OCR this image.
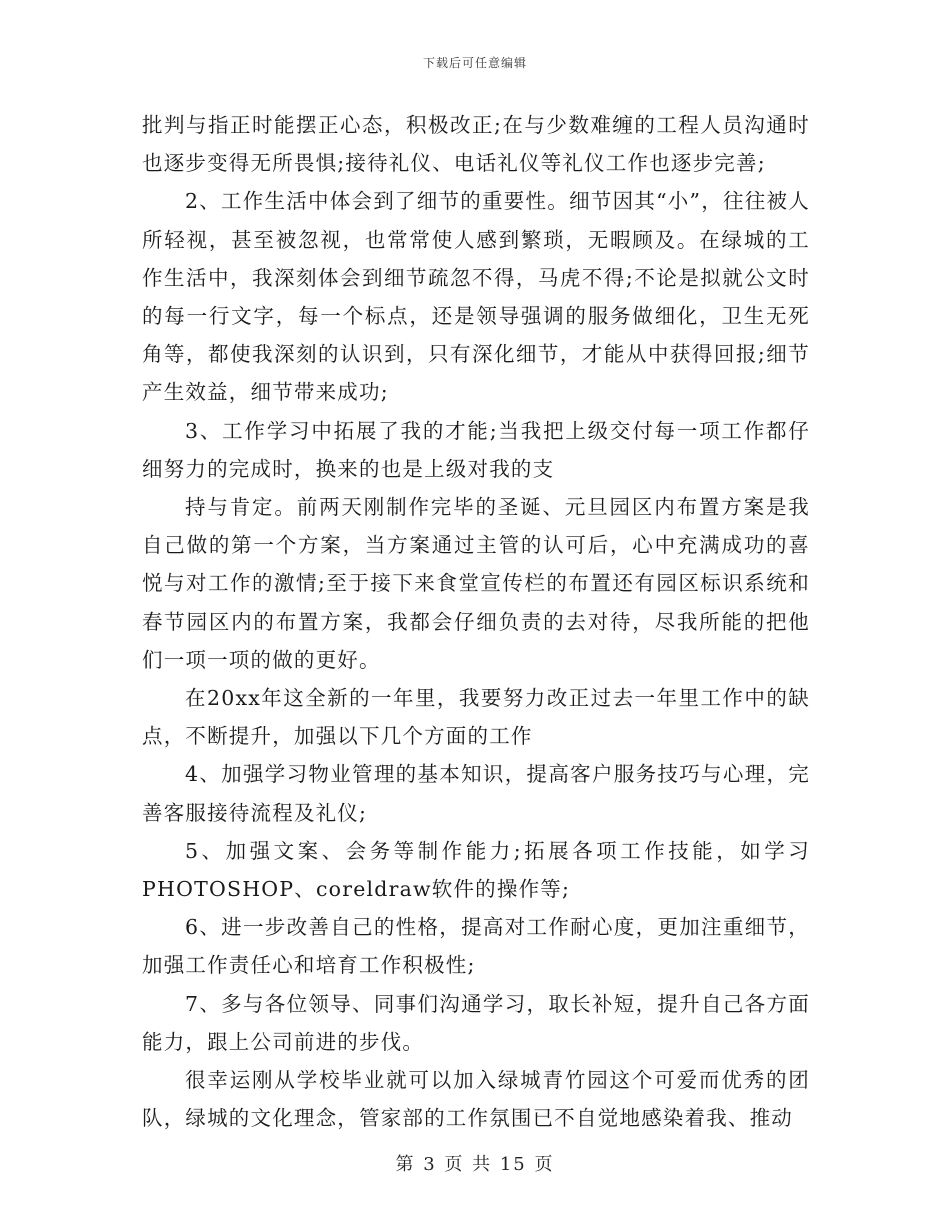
下载后可任意编辑

批判与指正时能摆正心态，积极改正;在与少数难缠的工程人员沟通时也逐步变得无所畏惧;接待礼仪、电话礼仪等礼仪工作也逐步完善;

2、工作生活中体会到了细节的重要性。细节因其“小”，往往被人所轻视，甚至被忽视，也常常使人感到繁琐，无暇顾及。在绿城的工作生活中，我深刻体会到细节疏忽不得，马虎不得;不论是拟就公文时的每一行文字，每一个标点，还是领导强调的服务做细化，卫生无死角等，都使我深刻的认识到，只有深化细节，才能从中获得回报;细节产生效益，细节带来成功;

3、工作学习中拓展了我的才能;当我把上级交付每一项工作都仔细努力的完成时，换来的也是上级对我的支

持与肯定。前两天刚制作完毕的圣诞、元旦园区内布置方案是我自己做的第一个方案，当方案通过主管的认可后，心中充满成功的喜悦与对工作的激情;至于接下来食堂宣传栏的布置还有园区标识系统和春节园区内的布置方案，我都会仔细负责的去对待，尽我所能的把他们一项一项的做的更好。

在20xx年这全新的一年里，我要努力改正过去一年里工作中的缺点，不断提升，加强以下几个方面的工作

4、加强学习物业管理的基本知识，提高客户服务技巧与心理，完善客服接待流程及礼仪;

5、加强文案、会务等制作能力;拓展各项工作技能，如学习PHOTOSHOP、coreldraw软件的操作等;

6、进一步改善自己的性格，提高对工作耐心度，更加注重细节，加强工作责任心和培育工作积极性;

7、多与各位领导、同事们沟通学习，取长补短，提升自己各方面能力，跟上公司前进的步伐。

很幸运刚从学校毕业就可以加入绿城青竹园这个可爱而优秀的团队，绿城的文化理念，管家部的工作氛围已不自觉地感染着我、推动

第 3 页 共 15 页
